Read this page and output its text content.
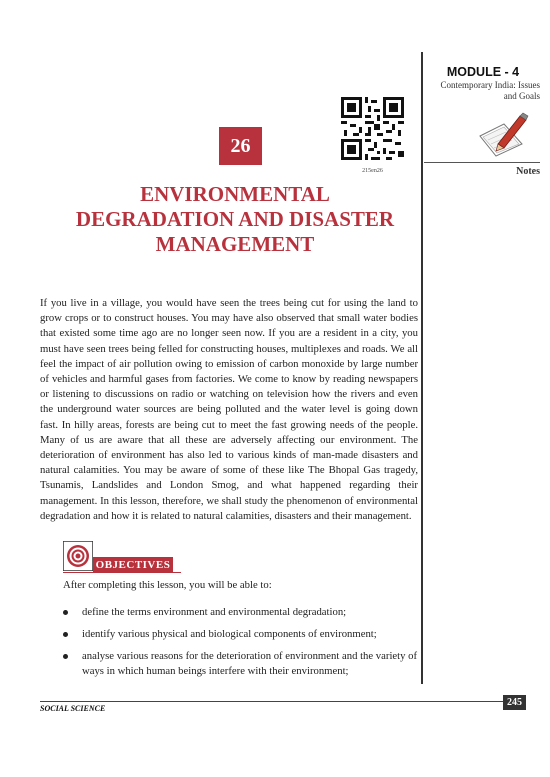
MODULE - 4
Contemporary India: Issues
and Goals
Notes
215en26
26
ENVIRONMENTAL
DEGRADATION AND DISASTER
MANAGEMENT
If you live in a village, you would have seen the trees being cut for using the land to grow crops or to construct houses. You may have also observed that small water bodies that existed some time ago are no longer seen now. If you are a resident in a city, you must have seen trees being felled for constructing houses, multiplexes and roads. We all feel the impact of air pollution owing to emission of carbon monoxide by large number of vehicles and harmful gases from factories. We come to know by reading newspapers or listening to discussions on radio or watching on television how the rivers and even the underground water sources are being polluted and the water level is going down fast. In hilly areas, forests are being cut to meet the fast growing needs of the people. Many of us are aware that all these are adversely affecting our environment. The deterioration of environment has also led to various kinds of man-made disasters and natural calamities. You may be aware of some of these like The Bhopal Gas tragedy, Tsunamis, Landslides and London Smog, and what happened regarding their management. In this lesson, therefore, we shall study the phenomenon of environmental degradation and how it is related to natural calamities, disasters and their management.
OBJECTIVES
After completing this lesson, you will be able to:
define the terms environment and environmental degradation;
identify various physical and biological components of environment;
analyse various reasons for the deterioration of environment and the variety of ways in which human beings interfere with their environment;
SOCIAL SCIENCE
245
